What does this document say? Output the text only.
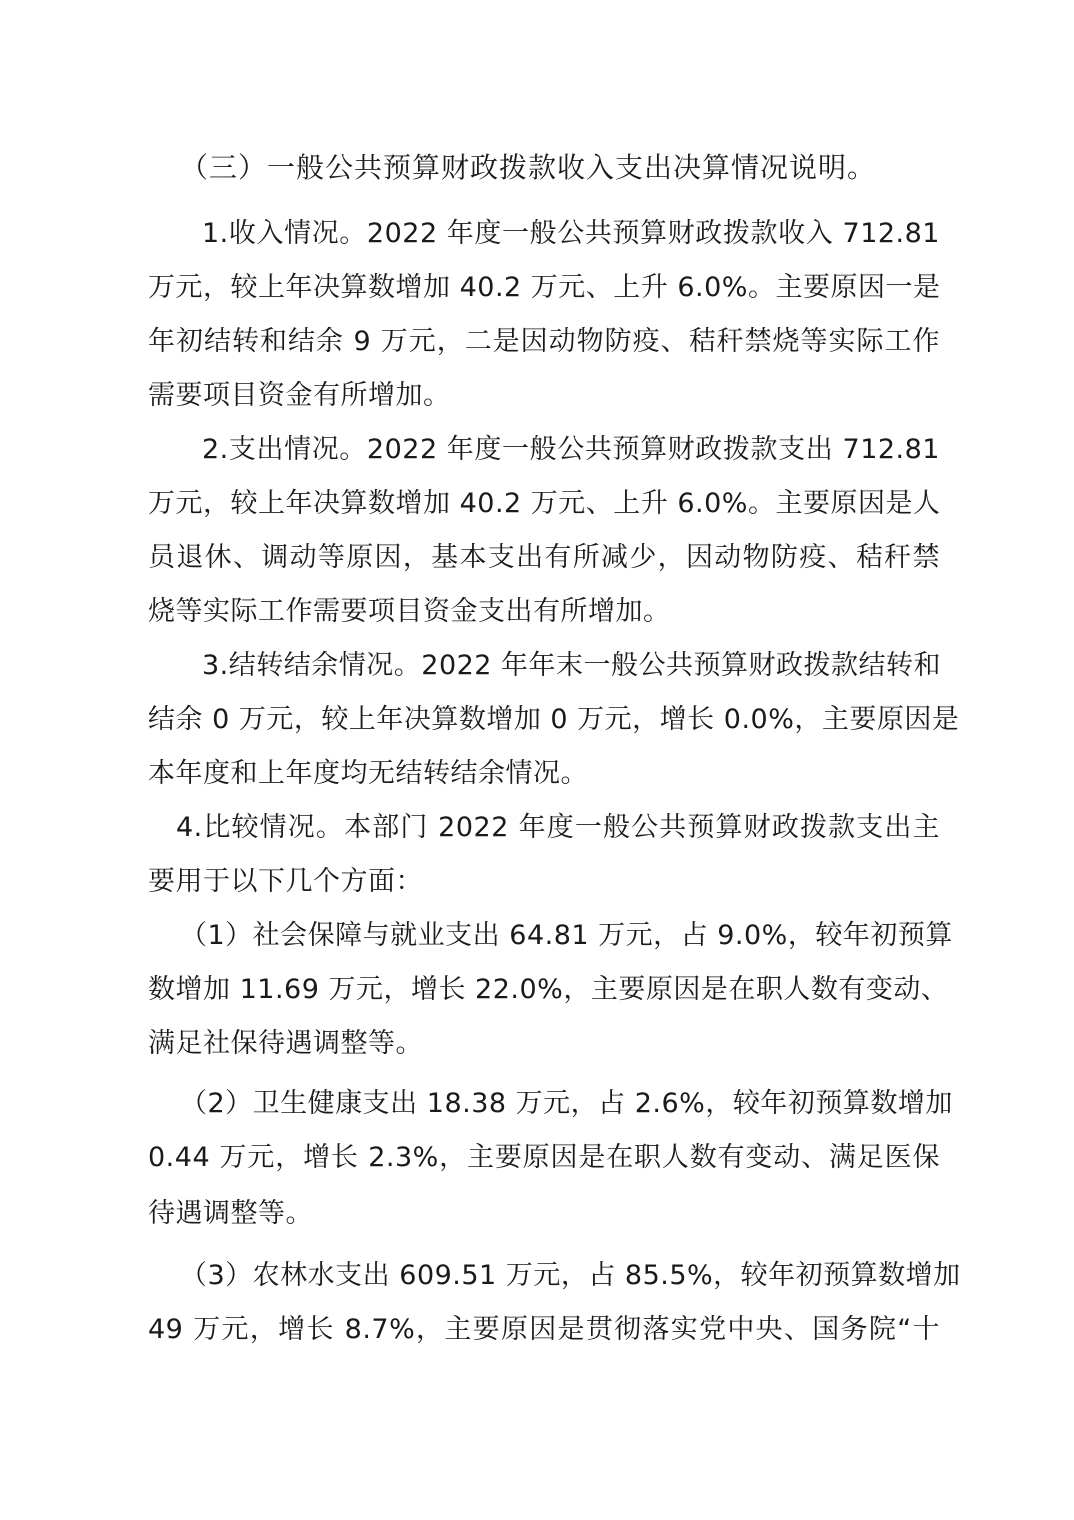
（三）一般公共预算财政拨款收入支出决算情况说明。
1.收入情况。2022 年度一般公共预算财政拨款收入 712.81
万元，较上年决算数增加 40.2 万元、上升 6.0%。主要原因一是
年初结转和结余 9 万元，二是因动物防疫、秸秆禁烧等实际工作
需要项目资金有所增加。
2.支出情况。2022 年度一般公共预算财政拨款支出 712.81
万元，较上年决算数增加 40.2 万元、上升 6.0%。主要原因是人
员退休、调动等原因，基本支出有所减少，因动物防疫、秸秆禁
烧等实际工作需要项目资金支出有所增加。
3.结转结余情况。2022 年年末一般公共预算财政拨款结转和
结余 0 万元，较上年决算数增加 0 万元，增长 0.0%，主要原因是
本年度和上年度均无结转结余情况。
4.比较情况。本部门 2022 年度一般公共预算财政拨款支出主
要用于以下几个方面：
（1）社会保障与就业支出 64.81 万元，占 9.0%，较年初预算
数增加 11.69 万元，增长 22.0%，主要原因是在职人数有变动、
满足社保待遇调整等。
（2）卫生健康支出 18.38 万元，占 2.6%，较年初预算数增加
0.44 万元，增长 2.3%，主要原因是在职人数有变动、满足医保
待遇调整等。
（3）农林水支出 609.51 万元，占 85.5%，较年初预算数增加
49 万元，增长 8.7%，主要原因是贯彻落实党中央、国务院“十
